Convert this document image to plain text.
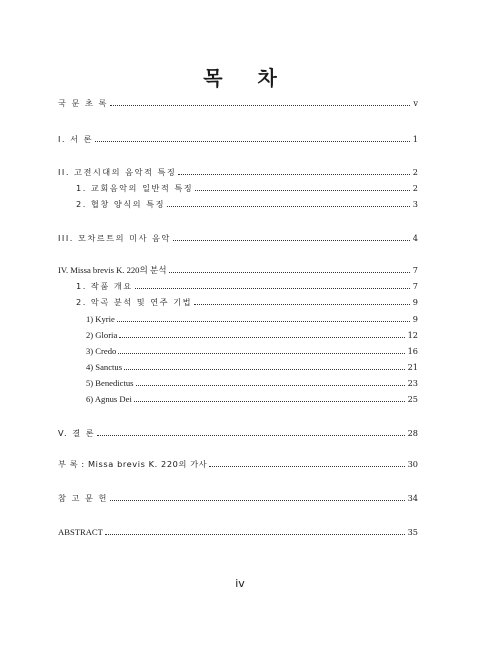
목 차
국 문 초 록	v
I. 서 론	1
II. 고전시대의 음악적 특징	2
1. 교회음악의 일반적 특징	2
2. 협창 양식의 특징	3
III. 모차르트의 미사 음악	4
IV. Missa brevis K. 220의 분석	7
1. 작품 개요	7
2. 악곡 분석 및 연주 기법	9
1) Kyrie	9
2) Gloria	12
3) Credo	16
4) Sanctus	21
5) Benedictus	23
6) Agnus Dei	25
V. 결 론	28
부 록 : Missa brevis K. 220의 가사	30
참 고 문 헌	34
ABSTRACT	35
iv
